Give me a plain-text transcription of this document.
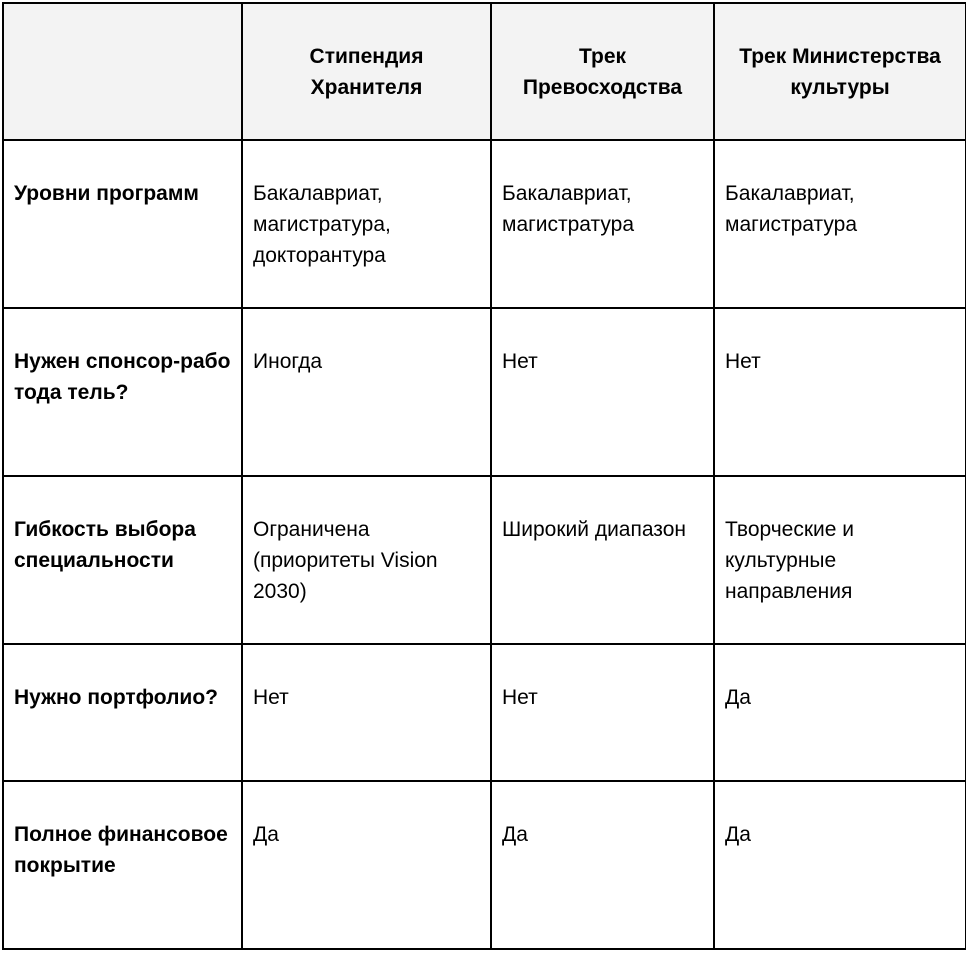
	Стипендия Хранителя	Трек Превосходства	Трек Министерства культуры

Уровни программ	Бакалавриат, магистратура, докторантура	Бакалавриат, магистратура	Бакалавриат, магистратура

Нужен спонсор-работода тель?	Иногда	Нет	Нет

Гибкость выбора специальности	Ограничена (приоритеты Vision 2030)	Широкий диапазон	Творческие и культурные направления

Нужно портфолио?	Нет	Нет	Да

Полное финансовое покрытие	Да	Да	Да
